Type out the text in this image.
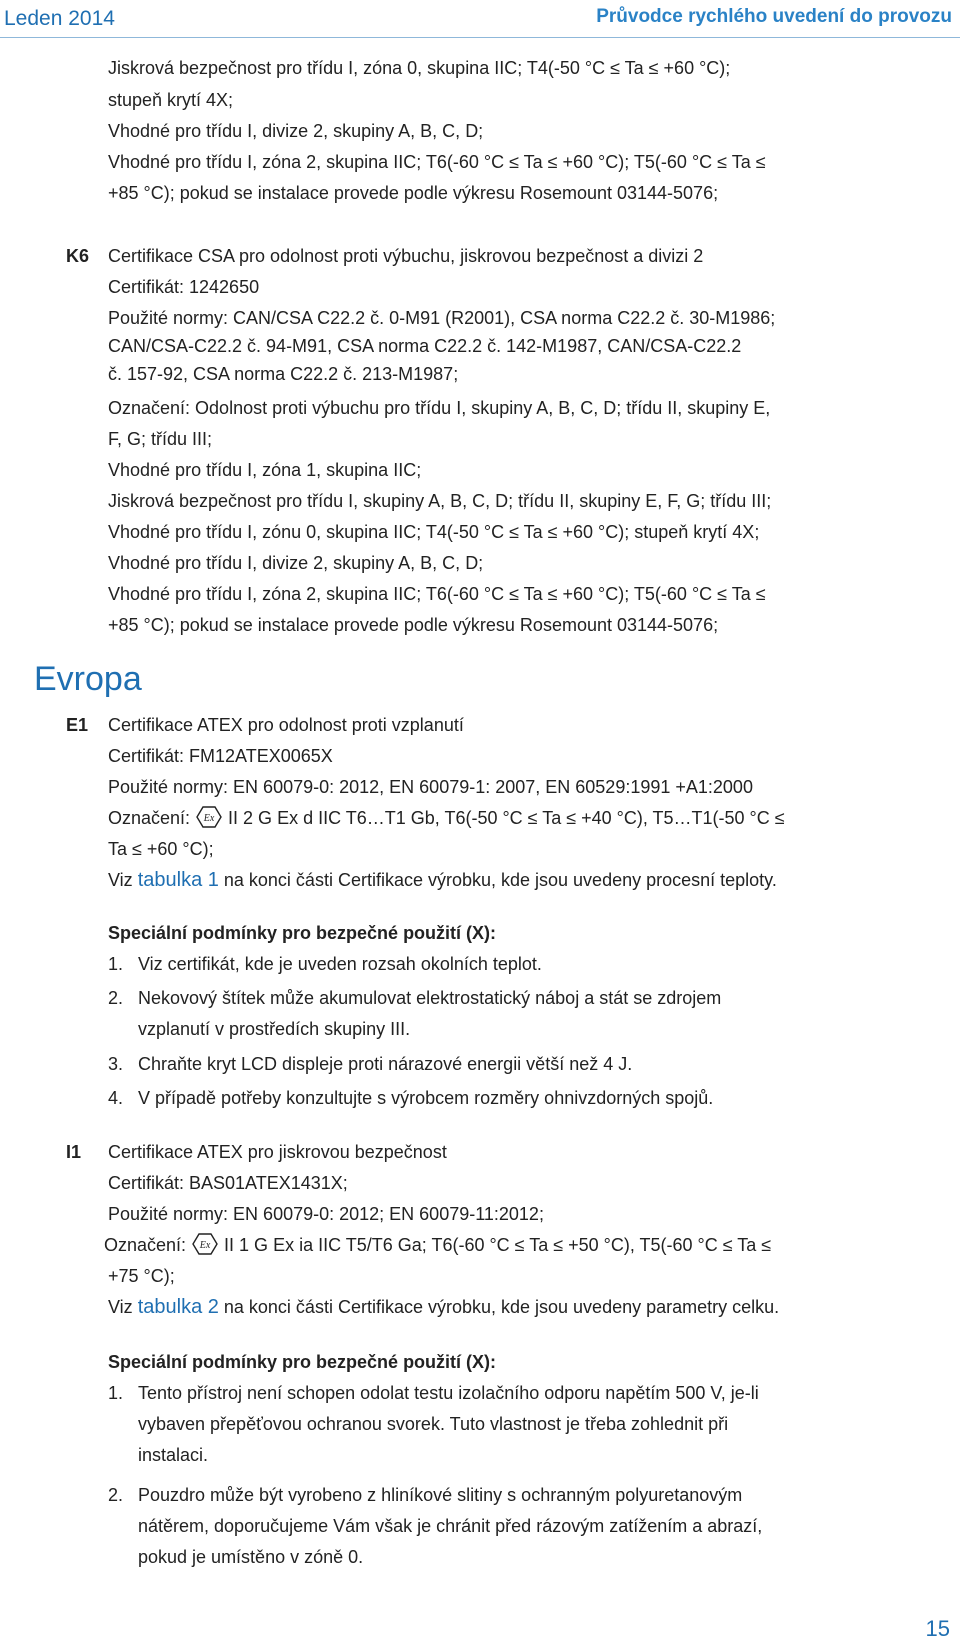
Leden 2014	Průvodce rychlého uvedení do provozu
Jiskrová bezpečnost pro třídu I, zóna 0, skupina IIC; T4(-50 °C ≤ Ta ≤ +60 °C);
stupeň krytí 4X;
Vhodné pro třídu I, divize 2, skupiny A, B, C, D;
Vhodné pro třídu I, zóna 2, skupina IIC; T6(-60 °C ≤ Ta ≤ +60 °C); T5(-60 °C ≤ Ta ≤
+85 °C); pokud se instalace provede podle výkresu Rosemount 03144-5076;
K6 Certifikace CSA pro odolnost proti výbuchu, jiskrovou bezpečnost a divizi 2
Certifikát: 1242650
Použité normy: CAN/CSA C22.2 č. 0-M91 (R2001), CSA norma C22.2 č. 30-M1986;
CAN/CSA-C22.2 č. 94-M91, CSA norma C22.2 č. 142-M1987, CAN/CSA-C22.2
č. 157-92, CSA norma C22.2 č. 213-M1987;
Označení: Odolnost proti výbuchu pro třídu I, skupiny A, B, C, D; třídu II, skupiny E,
F, G; třídu III;
Vhodné pro třídu I, zóna 1, skupina IIC;
Jiskrová bezpečnost pro třídu I, skupiny A, B, C, D; třídu II, skupiny E, F, G; třídu III;
Vhodné pro třídu I, zónu 0, skupina IIC; T4(-50 °C ≤ Ta ≤ +60 °C); stupeň krytí 4X;
Vhodné pro třídu I, divize 2, skupiny A, B, C, D;
Vhodné pro třídu I, zóna 2, skupina IIC; T6(-60 °C ≤ Ta ≤ +60 °C); T5(-60 °C ≤ Ta ≤
+85 °C); pokud se instalace provede podle výkresu Rosemount 03144-5076;
Evropa
E1 Certifikace ATEX pro odolnost proti vzplanutí
Certifikát: FM12ATEX0065X
Použité normy: EN 60079-0: 2012, EN 60079-1: 2007, EN 60529:1991 +A1:2000
Označení: Ex II 2 G Ex d IIC T6…T1 Gb, T6(-50 °C ≤ Ta ≤ +40 °C), T5…T1(-50 °C ≤
Ta ≤ +60 °C);
Viz tabulka 1 na konci části Certifikace výrobku, kde jsou uvedeny procesní teploty.
Speciální podmínky pro bezpečné použití (X):
1. Viz certifikát, kde je uveden rozsah okolních teplot.
2. Nekovový štítek může akumulovat elektrostatický náboj a stát se zdrojem
vzplanutí v prostředích skupiny III.
3. Chraňte kryt LCD displeje proti nárazové energii větší než 4 J.
4. V případě potřeby konzultujte s výrobcem rozměry ohnivzdorných spojů.
I1 Certifikace ATEX pro jiskrovou bezpečnost
Certifikát: BAS01ATEX1431X;
Použité normy: EN 60079-0: 2012; EN 60079-11:2012;
Označení: Ex II 1 G Ex ia IIC T5/T6 Ga; T6(-60 °C ≤ Ta ≤ +50 °C), T5(-60 °C ≤ Ta ≤
+75 °C);
Viz tabulka 2 na konci části Certifikace výrobku, kde jsou uvedeny parametry celku.
Speciální podmínky pro bezpečné použití (X):
1. Tento přístroj není schopen odolat testu izolačního odporu napětím 500 V, je-li
vybaven přepěťovou ochranou svorek. Tuto vlastnost je třeba zohlednit při
instalaci.
2. Pouzdro může být vyrobeno z hliníkové slitiny s ochranným polyuretanovým
nátěrem, doporučujeme Vám však je chránit před rázovým zatížením a abrazí,
pokud je umístěno v zóně 0.
15
